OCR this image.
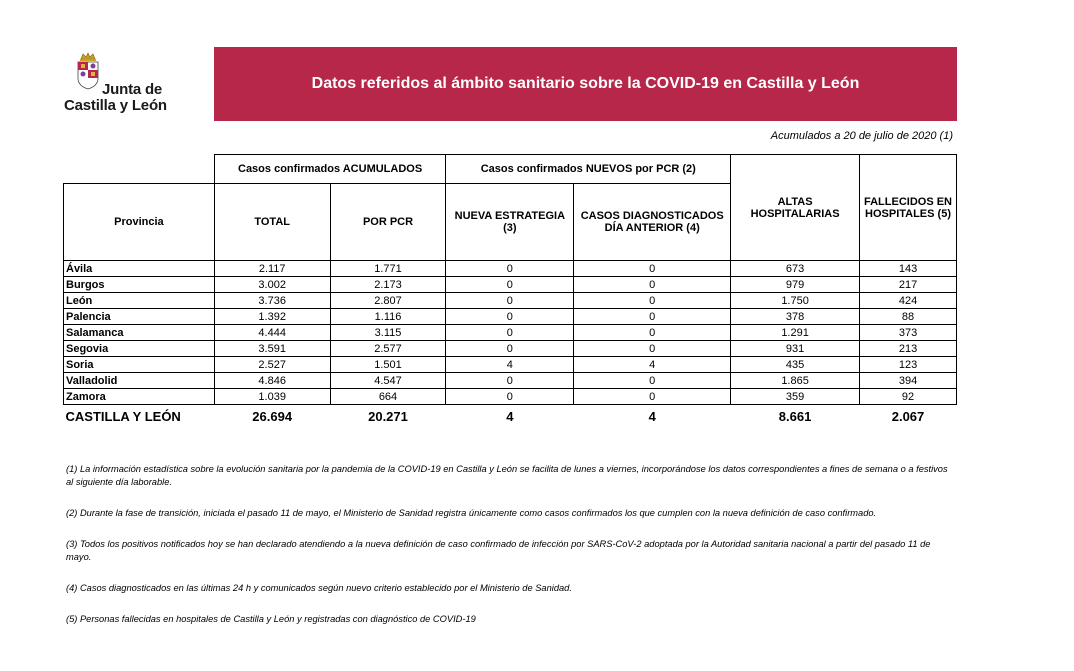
Junta de
Castilla y León
Datos referidos al ámbito sanitario sobre la COVID-19 en Castilla y León
Acumulados a 20 de julio de 2020 (1)
	Casos confirmados ACUMULADOS		Casos confirmados NUEVOS por PCR (2)		ALTAS HOSPITALARIAS	FALLECIDOS EN HOSPITALES (5)
Provincia	TOTAL	POR PCR	NUEVA ESTRATEGIA (3)	CASOS DIAGNOSTICADOS DÍA ANTERIOR (4)		
Ávila	2.117	1.771	0	0	673	143
Burgos	3.002	2.173	0	0	979	217
León	3.736	2.807	0	0	1.750	424
Palencia	1.392	1.116	0	0	378	88
Salamanca	4.444	3.115	0	0	1.291	373
Segovia	3.591	2.577	0	0	931	213
Soria	2.527	1.501	4	4	435	123
Valladolid	4.846	4.547	0	0	1.865	394
Zamora	1.039	664	0	0	359	92
CASTILLA Y LEÓN	26.694	20.271	4	4	8.661	2.067

(1) La información estadística sobre la evolución sanitaria por la pandemia de la COVID-19 en Castilla y León se facilita de lunes a viernes, incorporándose los datos correspondientes a fines de semana o a festivos al siguiente día laborable.

(2) Durante la fase de transición, iniciada el pasado 11 de mayo, el Ministerio de Sanidad registra únicamente como casos confirmados los que cumplen con la nueva definición de caso confirmado.

(3) Todos los positivos notificados hoy se han declarado atendiendo a la nueva definición de caso confirmado de infección por SARS-CoV-2 adoptada por la Autoridad sanitaria nacional a partir del pasado 11 de mayo.

(4) Casos diagnosticados en las últimas 24 h y comunicados según nuevo criterio establecido por el Ministerio de Sanidad.

(5) Personas fallecidas en hospitales de Castilla y León y registradas con diagnóstico de COVID-19
